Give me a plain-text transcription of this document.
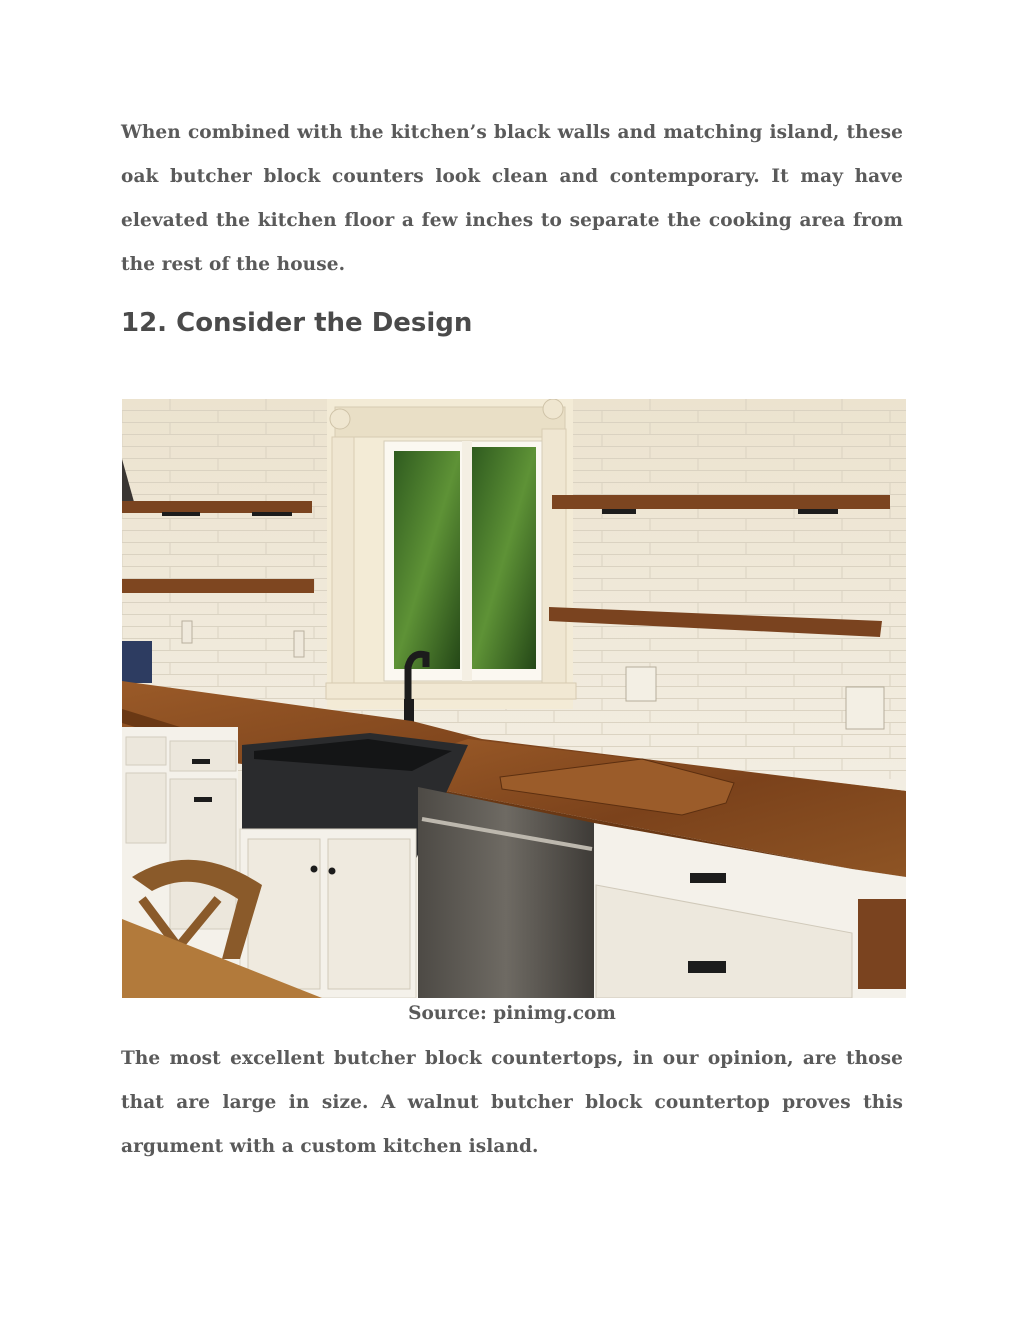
When combined with the kitchen’s black walls and matching island, these oak butcher block counters look clean and contemporary. It may have elevated the kitchen floor a few inches to separate the cooking area from the rest of the house.

12. Consider the Design
Source: pinimg.com

The most excellent butcher block countertops, in our opinion, are those that are large in size. A walnut butcher block countertop proves this argument with a custom kitchen island.
